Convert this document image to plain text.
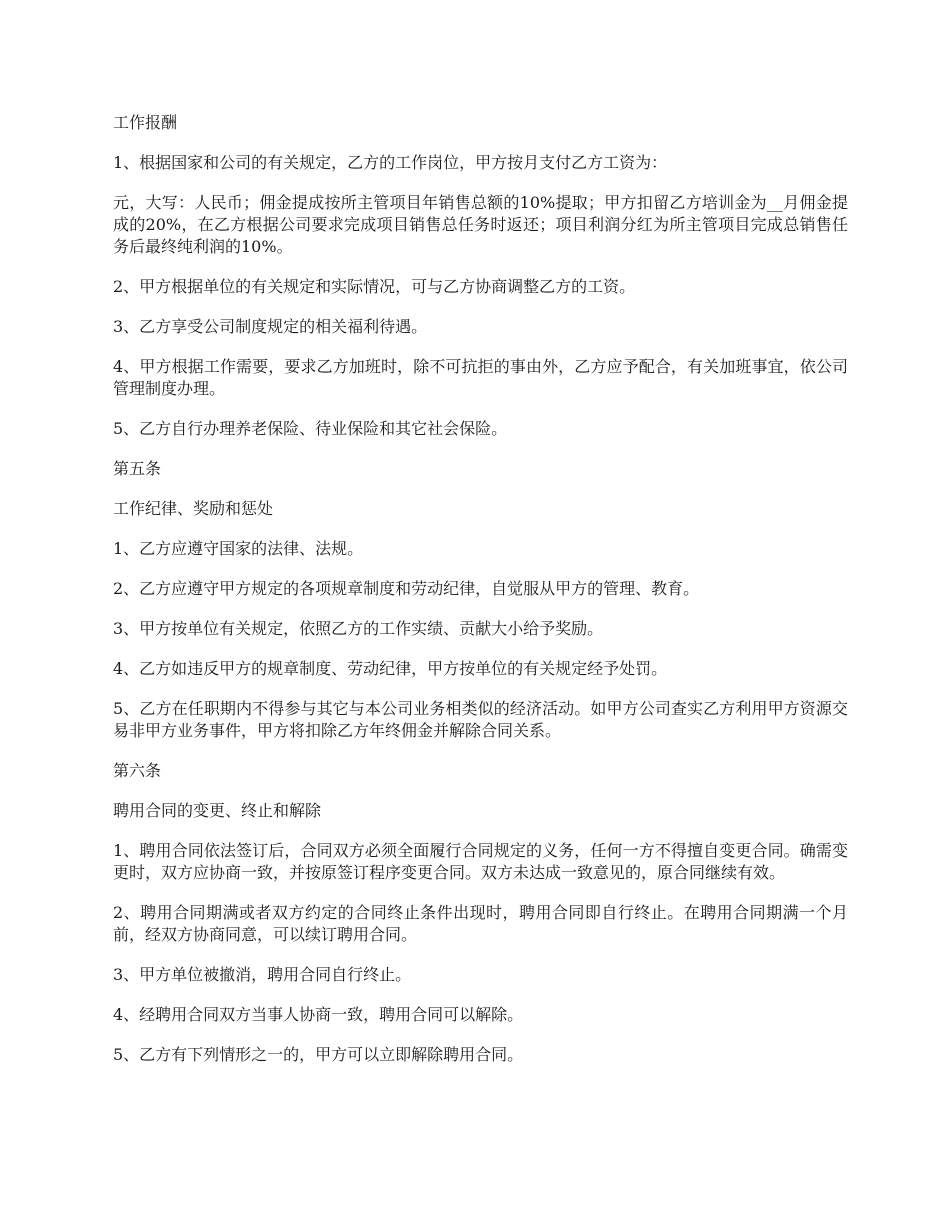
工作报酬

1、根据国家和公司的有关规定，乙方的工作岗位，甲方按月支付乙方工资为：

元，大写：人民币；佣金提成按所主管项目年销售总额的10%提取；甲方扣留乙方培训金为__月佣金提成的20%，在乙方根据公司要求完成项目销售总任务时返还；项目利润分红为所主管项目完成总销售任务后最终纯利润的10%。

2、甲方根据单位的有关规定和实际情况，可与乙方协商调整乙方的工资。

3、乙方享受公司制度规定的相关福利待遇。

4、甲方根据工作需要，要求乙方加班时，除不可抗拒的事由外，乙方应予配合，有关加班事宜，依公司管理制度办理。

5、乙方自行办理养老保险、待业保险和其它社会保险。

第五条

工作纪律、奖励和惩处

1、乙方应遵守国家的法律、法规。

2、乙方应遵守甲方规定的各项规章制度和劳动纪律，自觉服从甲方的管理、教育。

3、甲方按单位有关规定，依照乙方的工作实绩、贡献大小给予奖励。

4、乙方如违反甲方的规章制度、劳动纪律，甲方按单位的有关规定经予处罚。

5、乙方在任职期内不得参与其它与本公司业务相类似的经济活动。如甲方公司查实乙方利用甲方资源交易非甲方业务事件，甲方将扣除乙方年终佣金并解除合同关系。

第六条

聘用合同的变更、终止和解除

1、聘用合同依法签订后，合同双方必须全面履行合同规定的义务，任何一方不得擅自变更合同。确需变更时，双方应协商一致，并按原签订程序变更合同。双方未达成一致意见的，原合同继续有效。

2、聘用合同期满或者双方约定的合同终止条件出现时，聘用合同即自行终止。在聘用合同期满一个月前，经双方协商同意，可以续订聘用合同。

3、甲方单位被撤消，聘用合同自行终止。

4、经聘用合同双方当事人协商一致，聘用合同可以解除。

5、乙方有下列情形之一的，甲方可以立即解除聘用合同。
